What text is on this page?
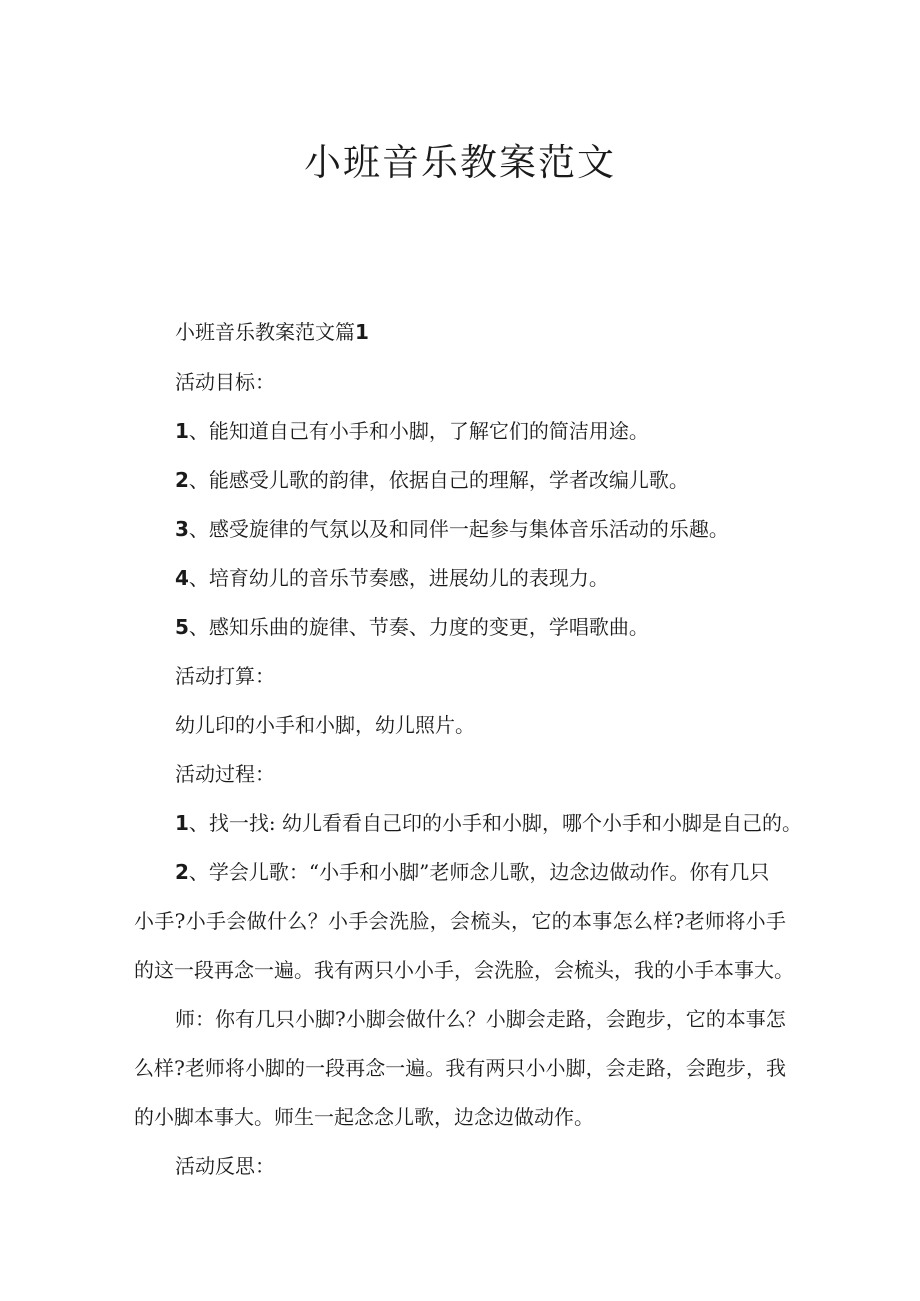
小班音乐教案范文
小班音乐教案范文篇1
活动目标：
1、能知道自己有小手和小脚，了解它们的简洁用途。
2、能感受儿歌的韵律，依据自己的理解，学者改编儿歌。
3、感受旋律的气氛以及和同伴一起参与集体音乐活动的乐趣。
4、培育幼儿的音乐节奏感，进展幼儿的表现力。
5、感知乐曲的旋律、节奏、力度的变更，学唱歌曲。
活动打算：
幼儿印的小手和小脚，幼儿照片。
活动过程：
1、找一找: 幼儿看看自己印的小手和小脚，哪个小手和小脚是自己的。
2、学会儿歌：“小手和小脚”老师念儿歌，边念边做动作。你有几只
小手?小手会做什么？小手会洗脸，会梳头，它的本事怎么样?老师将小手
的这一段再念一遍。我有两只小小手，会洗脸，会梳头，我的小手本事大。
师：你有几只小脚?小脚会做什么？小脚会走路，会跑步，它的本事怎
么样?老师将小脚的一段再念一遍。我有两只小小脚，会走路，会跑步，我
的小脚本事大。师生一起念念儿歌，边念边做动作。
活动反思：
